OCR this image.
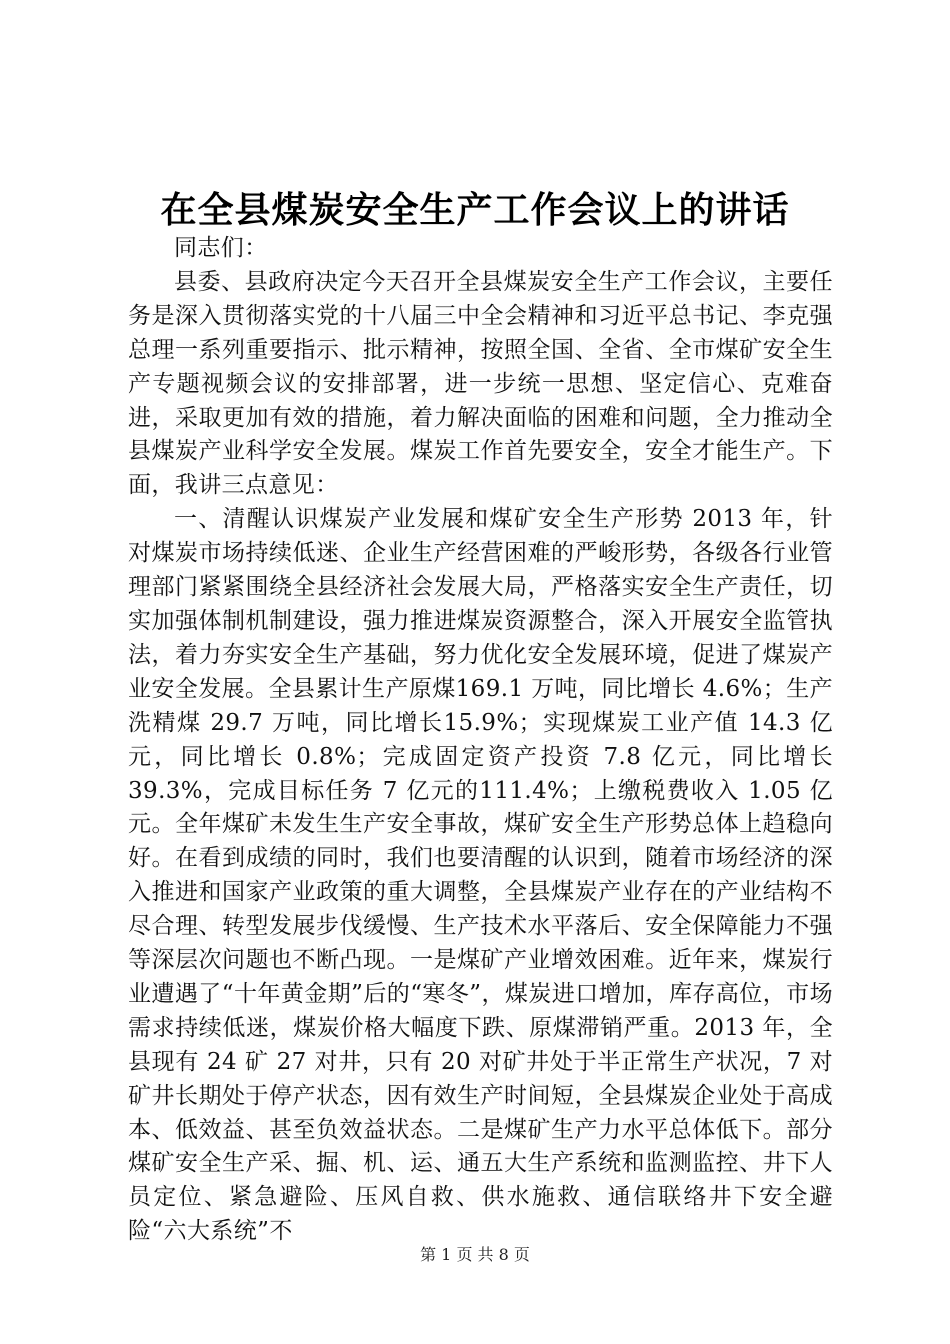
在全县煤炭安全生产工作会议上的讲话

同志们：

县委、县政府决定今天召开全县煤炭安全生产工作会议，主要任务是深入贯彻落实党的十八届三中全会精神和习近平总书记、李克强总理一系列重要指示、批示精神，按照全国、全省、全市煤矿安全生产专题视频会议的安排部署，进一步统一思想、坚定信心、克难奋进，采取更加有效的措施，着力解决面临的困难和问题，全力推动全县煤炭产业科学安全发展。煤炭工作首先要安全，安全才能生产。下面，我讲三点意见：

一、清醒认识煤炭产业发展和煤矿安全生产形势 2013 年，针对煤炭市场持续低迷、企业生产经营困难的严峻形势，各级各行业管理部门紧紧围绕全县经济社会发展大局，严格落实安全生产责任，切实加强体制机制建设，强力推进煤炭资源整合，深入开展安全监管执法，着力夯实安全生产基础，努力优化安全发展环境，促进了煤炭产业安全发展。全县累计生产原煤169.1 万吨，同比增长 4.6%；生产洗精煤 29.7 万吨，同比增长15.9%；实现煤炭工业产值 14.3 亿元，同比增长 0.8%；完成固定资产投资 7.8 亿元，同比增长 39.3%，完成目标任务 7 亿元的111.4%；上缴税费收入 1.05 亿元。全年煤矿未发生生产安全事故，煤矿安全生产形势总体上趋稳向好。在看到成绩的同时，我们也要清醒的认识到，随着市场经济的深入推进和国家产业政策的重大调整，全县煤炭产业存在的产业结构不尽合理、转型发展步伐缓慢、生产技术水平落后、安全保障能力不强等深层次问题也不断凸现。一是煤矿产业增效困难。近年来，煤炭行业遭遇了“十年黄金期”后的“寒冬”，煤炭进口增加，库存高位，市场需求持续低迷，煤炭价格大幅度下跌、原煤滞销严重。2013 年，全县现有 24 矿 27 对井，只有 20 对矿井处于半正常生产状况，7 对矿井长期处于停产状态，因有效生产时间短，全县煤炭企业处于高成本、低效益、甚至负效益状态。二是煤矿生产力水平总体低下。部分煤矿安全生产采、掘、机、运、通五大生产系统和监测监控、井下人员定位、紧急避险、压风自救、供水施救、通信联络井下安全避险“六大系统”不

第 1 页 共 8 页
